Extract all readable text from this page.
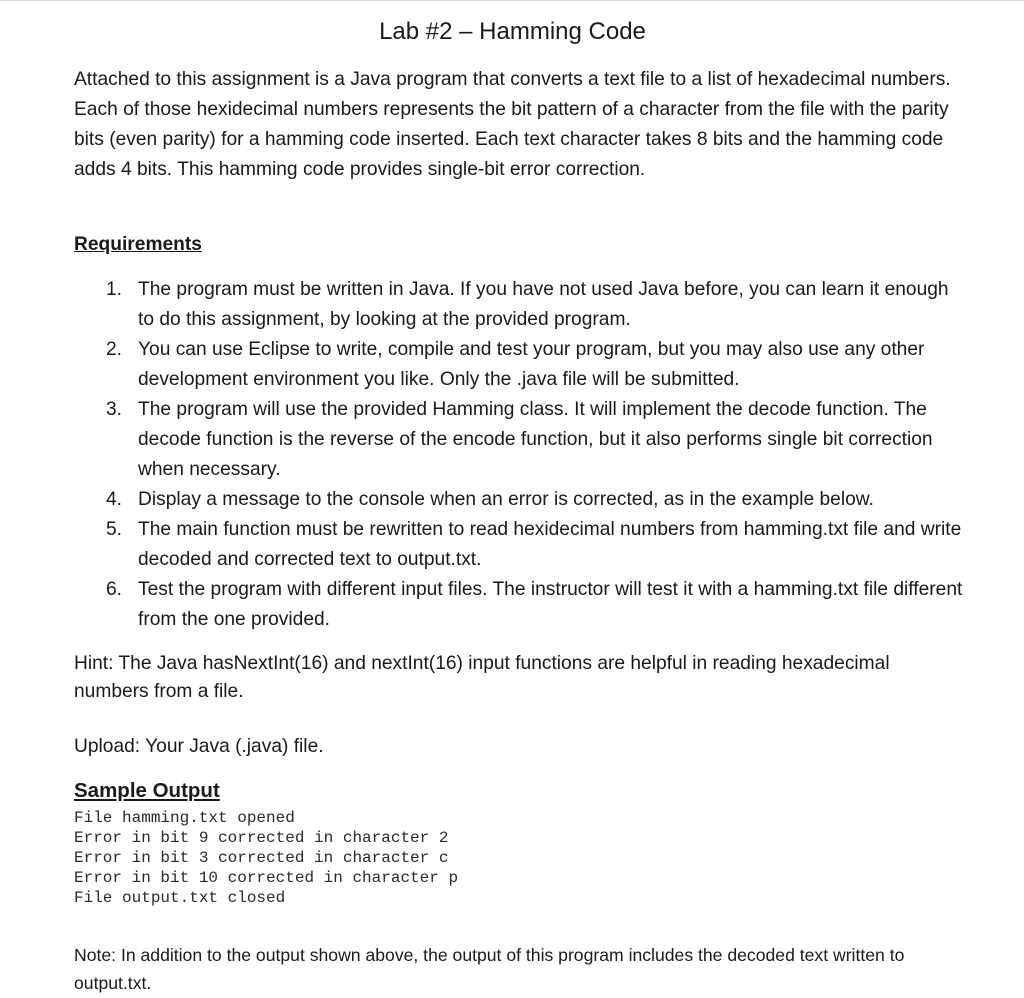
Lab #2 – Hamming Code

Attached to this assignment is a Java program that converts a text file to a list of hexadecimal numbers. Each of those hexidecimal numbers represents the bit pattern of a character from the file with the parity bits (even parity) for a hamming code inserted. Each text character takes 8 bits and the hamming code adds 4 bits. This hamming code provides single-bit error correction.

Requirements
1. The program must be written in Java. If you have not used Java before, you can learn it enough to do this assignment, by looking at the provided program.
2. You can use Eclipse to write, compile and test your program, but you may also use any other development environment you like. Only the .java file will be submitted.
3. The program will use the provided Hamming class. It will implement the decode function. The decode function is the reverse of the encode function, but it also performs single bit correction when necessary.
4. Display a message to the console when an error is corrected, as in the example below.
5. The main function must be rewritten to read hexidecimal numbers from hamming.txt file and write decoded and corrected text to output.txt.
6. Test the program with different input files. The instructor will test it with a hamming.txt file different from the one provided.

Hint: The Java hasNextInt(16) and nextInt(16) input functions are helpful in reading hexadecimal numbers from a file.

Upload: Your Java (.java) file.

Sample Output
File hamming.txt opened
Error in bit 9 corrected in character 2
Error in bit 3 corrected in character c
Error in bit 10 corrected in character p
File output.txt closed

Note: In addition to the output shown above, the output of this program includes the decoded text written to output.txt.
